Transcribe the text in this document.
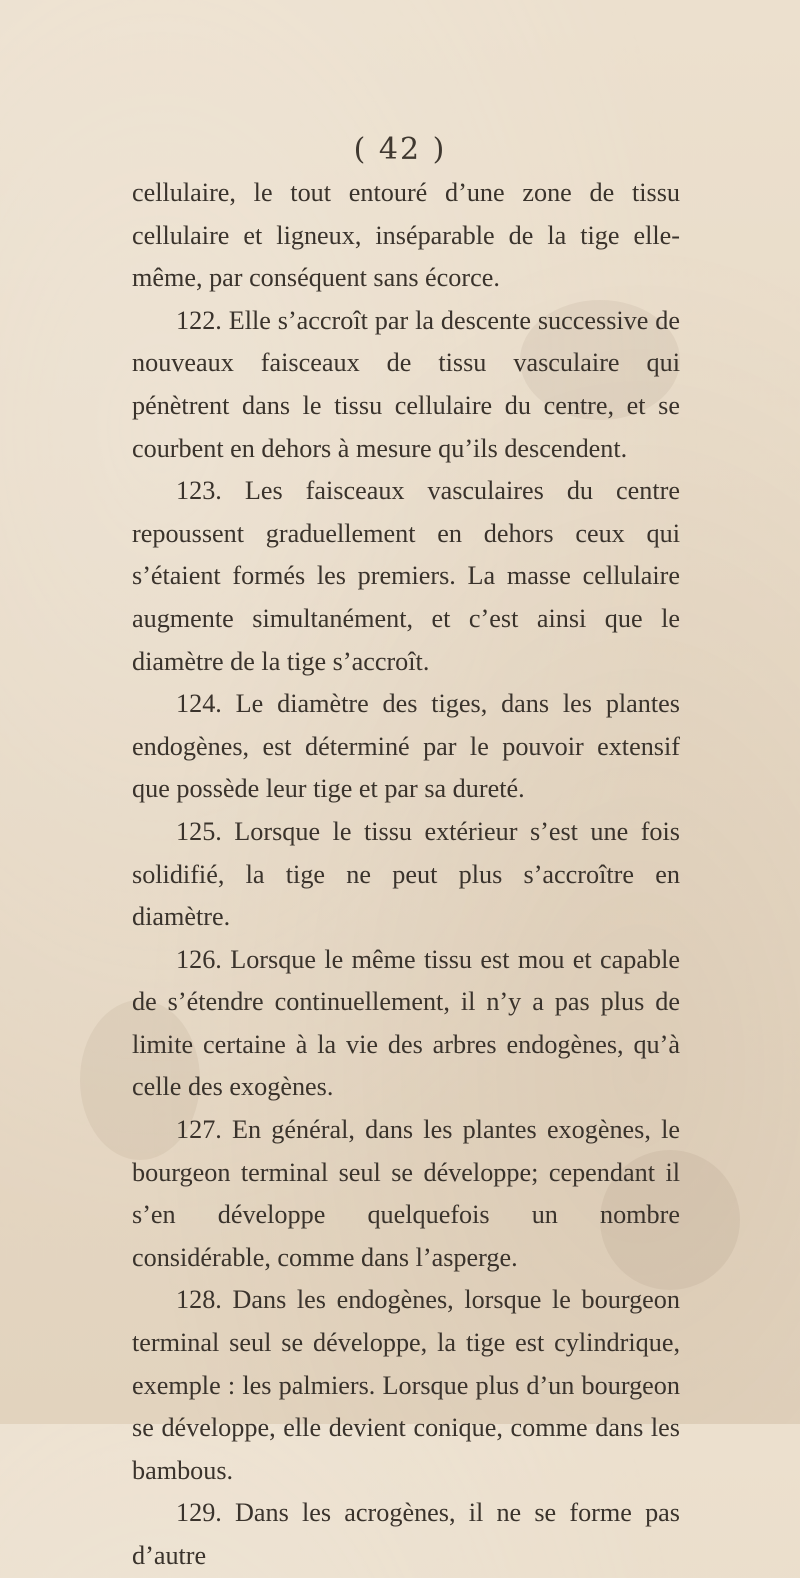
( 42 )

cellulaire, le tout entouré d’une zone de tissu cellulaire et ligneux, inséparable de la tige elle-même, par conséquent sans écorce.

122. Elle s’accroît par la descente successive de nouveaux faisceaux de tissu vasculaire qui pénètrent dans le tissu cellulaire du centre, et se courbent en dehors à mesure qu’ils descendent.

123. Les faisceaux vasculaires du centre repoussent graduellement en dehors ceux qui s’étaient formés les premiers. La masse cellulaire augmente simultanément, et c’est ainsi que le diamètre de la tige s’accroît.

124. Le diamètre des tiges, dans les plantes endogènes, est déterminé par le pouvoir extensif que possède leur tige et par sa dureté.

125. Lorsque le tissu extérieur s’est une fois solidifié, la tige ne peut plus s’accroître en diamètre.

126. Lorsque le même tissu est mou et capable de s’étendre continuellement, il n’y a pas plus de limite certaine à la vie des arbres endogènes, qu’à celle des exogènes.

127. En général, dans les plantes exogènes, le bourgeon terminal seul se développe; cependant il s’en développe quelquefois un nombre considérable, comme dans l’asperge.

128. Dans les endogènes, lorsque le bourgeon terminal seul se développe, la tige est cylindrique, exemple : les palmiers. Lorsque plus d’un bourgeon se développe, elle devient conique, comme dans les bambous.

129. Dans les acrogènes, il ne se forme pas d’autre
